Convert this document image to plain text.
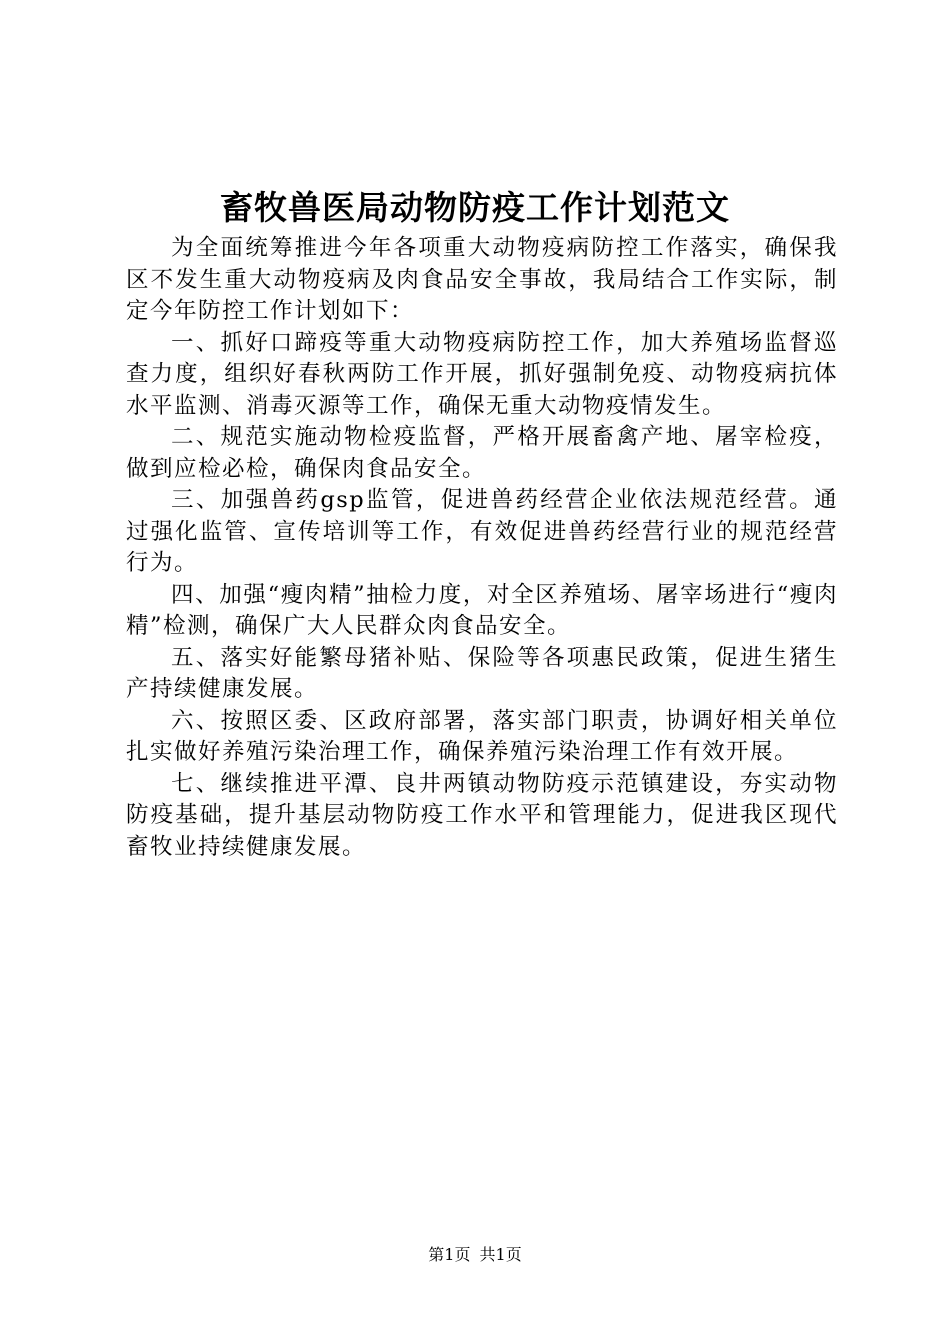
畜牧兽医局动物防疫工作计划范文

为全面统筹推进今年各项重大动物疫病防控工作落实，确保我区不发生重大动物疫病及肉食品安全事故，我局结合工作实际，制定今年防控工作计划如下：

一、抓好口蹄疫等重大动物疫病防控工作，加大养殖场监督巡查力度，组织好春秋两防工作开展，抓好强制免疫、动物疫病抗体水平监测、消毒灭源等工作，确保无重大动物疫情发生。

二、规范实施动物检疫监督，严格开展畜禽产地、屠宰检疫，做到应检必检，确保肉食品安全。

三、加强兽药gsp监管，促进兽药经营企业依法规范经营。通过强化监管、宣传培训等工作，有效促进兽药经营行业的规范经营行为。

四、加强“瘦肉精”抽检力度，对全区养殖场、屠宰场进行“瘦肉精”检测，确保广大人民群众肉食品安全。

五、落实好能繁母猪补贴、保险等各项惠民政策，促进生猪生产持续健康发展。

六、按照区委、区政府部署，落实部门职责，协调好相关单位扎实做好养殖污染治理工作，确保养殖污染治理工作有效开展。

七、继续推进平潭、良井两镇动物防疫示范镇建设，夯实动物防疫基础，提升基层动物防疫工作水平和管理能力，促进我区现代畜牧业持续健康发展。

第1页 共1页
